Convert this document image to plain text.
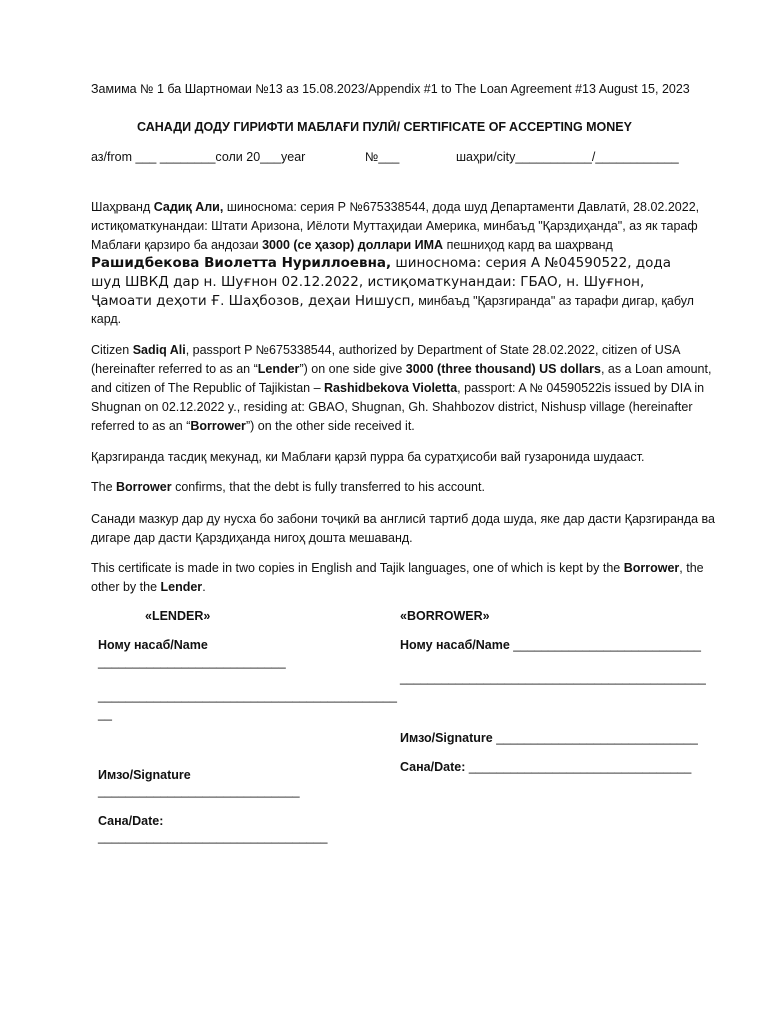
Замима № 1 ба Шартномаи №13 аз 15.08.2023/Appendix #1 to The Loan Agreement #13 August 15, 2023
САНАДИ ДОДУ ГИРИФТИ МАБЛАҒИ ПУЛӢ/ CERTIFICATE OF ACCEPTING MONEY
аз/from ___ ________соли 20___year	№___	шаҳри/city___________/____________
Шаҳрванд Садиқ Али, шиноснома: серия Р №675338544, дода шуд Департаменти Давлатӣ, 28.02.2022,
истиқоматкунандаи: Штати Аризона, Иёлоти Муттаҳидаи Америка, минбаъд "Қарздиҳанда", аз як тараф
Маблағи қарзиро ба андозаи 3000 (се ҳазор) доллари ИМА пешниҳод кард ва шаҳрванд
Рашидбекова Виолетта Нуриллоевна, шиноснома: серия А №04590522, дода
шуд ШВКД дар н. Шуғнон 02.12.2022, истиқоматкунандаи: ГБАО, н. Шуғнон,
Ҷамоати деҳоти Ғ. Шаҳбозов, деҳаи Нишусп, минбаъд "Қарзгиранда" аз тарафи дигар, қабул
кард.

Citizen Sadiq Ali, passport P №675338544, authorized by Department of State 28.02.2022, citizen of USA (hereinafter referred to as an “Lender”) on one side give 3000 (three thousand) US dollars, as a Loan amount, and citizen of The Republic of Tajikistan – Rashidbekova Violetta, passport: A № 04590522is issued by DIA in Shugnan on 02.12.2022 y., residing at: GBAO, Shugnan, Gh. Shahbozov district, Nishusp village (hereinafter referred to as an “Borrower”) on the other side received it.

Қарзгиранда тасдиқ мекунад, ки Маблағи қарзӣ пурра ба суратҳисоби вай гузаронида шудааст.

The Borrower confirms, that the debt is fully transferred to his account.

Санади мазкур дар ду нусха бо забони тоҷикӣ ва англисӣ тартиб дода шуда, яке дар дасти Қарзгиранда ва дигаре дар дасти Қарздиҳанда нигоҳ дошта мешаванд.

This certificate is made in two copies in English and Tajik languages, one of which is kept by the Borrower, the other by the Lender.

«LENDER»
Ному насаб/Name
___________________________
___________________________________________
__
Имзо/Signature
_____________________________
Сана/Date:
_________________________________
«BORROWER»
Ному насаб/Name ___________________________
____________________________________________
Имзо/Signature _____________________________
Сана/Date: ________________________________
